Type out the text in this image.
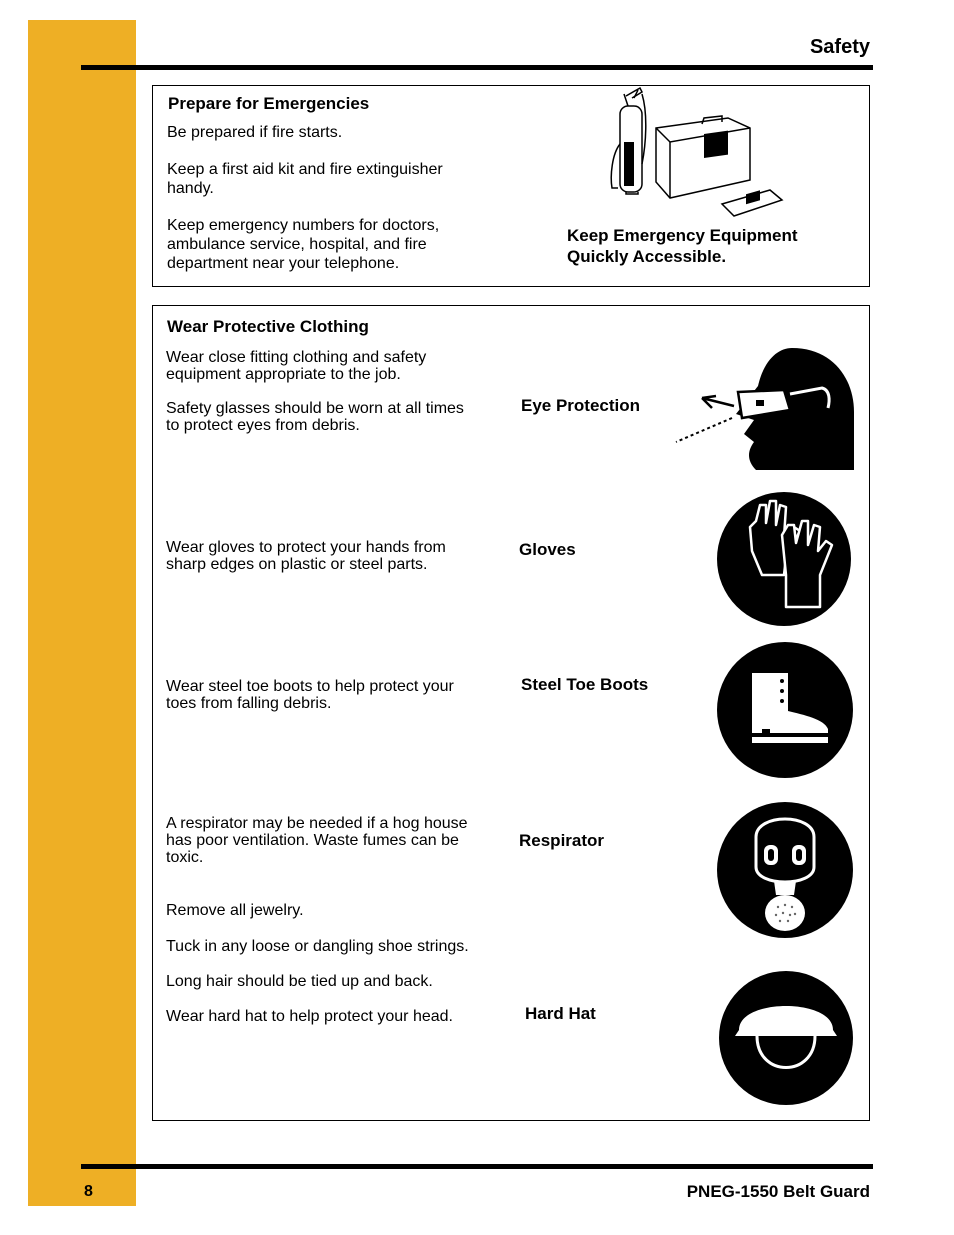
Safety
Prepare for Emergencies
Be prepared if fire starts.
Keep a first aid kit and fire extinguisher
handy.
Keep emergency numbers for doctors,
ambulance service, hospital, and fire
department near your telephone.
Keep Emergency Equipment
Quickly Accessible.
Wear Protective Clothing
Wear close fitting clothing and safety
equipment appropriate to the job.
Safety glasses should be worn at all times
to protect eyes from debris.
Eye Protection
Wear gloves to protect your hands from
sharp edges on plastic or steel parts.
Gloves
Wear steel toe boots to help protect your
toes from falling debris.
Steel Toe Boots
A respirator may be needed if a hog house
has poor ventilation. Waste fumes can be
toxic.
Respirator
Remove all jewelry.
Tuck in any loose or dangling shoe strings.
Long hair should be tied up and back.
Wear hard hat to help protect your head.	Hard Hat
8	PNEG-1550 Belt Guard
